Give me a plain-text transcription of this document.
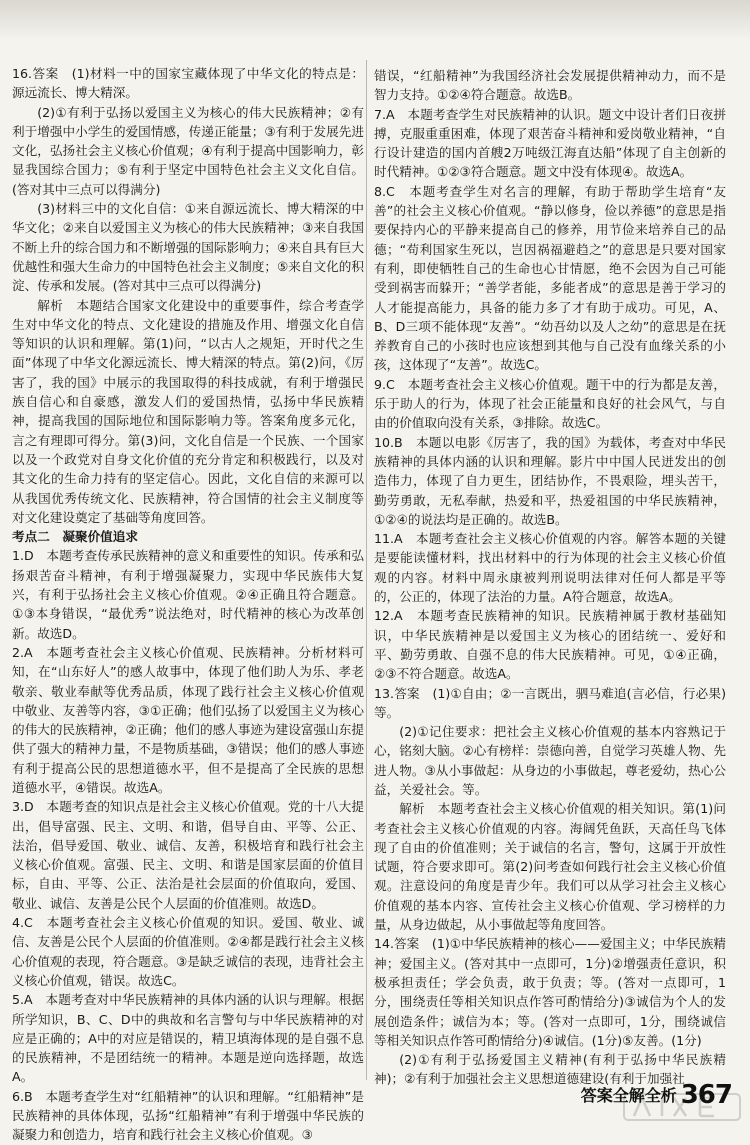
16.答案　(1)材料一中的国家宝藏体现了中华文化的特点是：源远流长、博大精深。

(2)①有利于弘扬以爱国主义为核心的伟大民族精神；②有利于增强中小学生的爱国情感，传递正能量；③有利于发展先进文化，弘扬社会主义核心价值观；④有利于提高中国影响力，彰显我国综合国力；⑤有利于坚定中国特色社会主义文化自信。(答对其中三点可以得满分)

(3)材料三中的文化自信：①来自源远流长、博大精深的中华文化；②来自以爱国主义为核心的伟大民族精神；③来自我国不断上升的综合国力和不断增强的国际影响力；④来自具有巨大优越性和强大生命力的中国特色社会主义制度；⑤来自文化的积淀、传承和发展。(答对其中三点可以得满分)

解析　本题结合国家文化建设中的重要事件，综合考查学生对中华文化的特点、文化建设的措施及作用、增强文化自信等知识的认识和理解。第(1)问，“以古人之规矩，开时代之生面”体现了中华文化源远流长、博大精深的特点。第(2)问，《厉害了，我的国》中展示的我国取得的科技成就，有利于增强民族自信心和自豪感，激发人们的爱国热情，弘扬中华民族精神，提高我国的国际地位和国际影响力等。答案角度多元化，言之有理即可得分。第(3)问，文化自信是一个民族、一个国家以及一个政党对自身文化价值的充分肯定和积极践行，以及对其文化的生命力持有的坚定信心。因此，文化自信的来源可以从我国优秀传统文化、民族精神，符合国情的社会主义制度等对文化建设奠定了基础等角度回答。

考点二　 凝聚价值追求

1.D　本题考查传承民族精神的意义和重要性的知识。传承和弘扬艰苦奋斗精神，有利于增强凝聚力，实现中华民族伟大复兴，有利于弘扬社会主义核心价值观。②④正确且符合题意。①③本身错误，“最优秀”说法绝对，时代精神的核心为改革创新。故选D。

2.A　本题考查社会主义核心价值观、民族精神。分析材料可知，在“山东好人”的感人故事中，体现了他们助人为乐、孝老敬亲、敬业奉献等优秀品质，体现了践行社会主义核心价值观中敬业、友善等内容，③①正确；他们弘扬了以爱国主义为核心的伟大的民族精神，②正确；他们的感人事迹为建设富强山东提供了强大的精神力量，不是物质基础，③错误；他们的感人事迹有利于提高公民的思想道德水平，但不是提高了全民族的思想道德水平，④错误。故选A。

3.D　本题考查的知识点是社会主义核心价值观。党的十八大提出，倡导富强、民主、文明、和谐，倡导自由、平等、公正、法治，倡导爱国、敬业、诚信、友善，积极培育和践行社会主义核心价值观。富强、民主、文明、和谐是国家层面的价值目标，自由、平等、公正、法治是社会层面的价值取向，爱国、敬业、诚信、友善是公民个人层面的价值准则。故选D。

4.C　本题考查社会主义核心价值观的知识。爱国、敬业、诚信、友善是公民个人层面的价值准则。②④都是践行社会主义核心价值观的表现，符合题意。③是缺乏诚信的表现，违背社会主义核心价值观，错误。故选C。

5.A　本题考查对中华民族精神的具体内涵的认识与理解。根据所学知识，B、C、D中的典故和名言警句与中华民族精神的对应是正确的；A中的对应是错误的，精卫填海体现的是自强不息的民族精神，不是团结统一的精神。本题是逆向选择题，故选A。

6.B　本题考查学生对“红船精神”的认识和理解。“红船精神”是民族精神的具体体现，弘扬“红船精神”有利于增强中华民族的凝聚力和创造力，培育和践行社会主义核心价值观。③

错误，“红船精神”为我国经济社会发展提供精神动力，而不是智力支持。①②④符合题意。故选B。

7.A　本题考查学生对民族精神的认识。题文中设计者们日夜拼搏，克服重重困难，体现了艰苦奋斗精神和爱岗敬业精神，“自行设计建造的国内首艘2万吨级江海直达船”体现了自主创新的时代精神。①②③符合题意。题文中没有体现④。故选A。

8.C　本题考查学生对名言的理解，有助于帮助学生培育“友善”的社会主义核心价值观。“静以修身，俭以养德”的意思是指要保持内心的平静来提高自己的修养，用节俭来培养自己的品德；“苟利国家生死以，岂因祸福避趋之”的意思是只要对国家有利，即使牺牲自己的生命也心甘情愿，绝不会因为自己可能受到祸害而躲开；“善学者能，多能者成”的意思是善于学习的人才能提高能力，具备的能力多了才有助于成功。可见，A、B、D三项不能体现“友善”。“幼吾幼以及人之幼”的意思是在抚养教育自己的小孩时也应该想到其他与自己没有血缘关系的小孩，这体现了“友善”。故选C。

9.C　本题考查社会主义核心价值观。题干中的行为都是友善，乐于助人的行为，体现了社会正能量和良好的社会风气，与自由的价值取向没有关系，③排除。故选C。

10.B　本题以电影《厉害了，我的国》为载体，考查对中华民族精神的具体内涵的认识和理解。影片中中国人民迸发出的创造伟力，体现了自力更生，团结协作，不畏艰险，埋头苦干，勤劳勇敢，无私奉献，热爱和平，热爱祖国的中华民族精神，①②④的说法均是正确的。故选B。

11.A　本题考查社会主义核心价值观的内容。解答本题的关键是要能读懂材料，找出材料中的行为体现的社会主义核心价值观的内容。材料中周永康被判刑说明法律对任何人都是平等的，公正的，体现了法治的力量。A符合题意，故选A。

12.A　本题考查民族精神的知识。民族精神属于教材基础知识，中华民族精神是以爱国主义为核心的团结统一、爱好和平、勤劳勇敢、自强不息的伟大民族精神。可见，①④正确，②③不符合题意。故选A。

13.答案　(1)①自由；②一言既出，驷马难追(言必信，行必果)等。

(2)①记住要求：把社会主义核心价值观的基本内容熟记于心，铭刻大脑。②心有榜样：崇德向善，自觉学习英雄人物、先进人物。③从小事做起：从身边的小事做起，尊老爱幼，热心公益，关爱社会。等。

解析　本题考查社会主义核心价值观的相关知识。第(1)问考查社会主义核心价值观的内容。海阔凭鱼跃，天高任鸟飞体现了自由的价值准则；关于诚信的名言，警句，这属于开放性试题，符合要求即可。第(2)问考查如何践行社会主义核心价值观。注意设问的角度是青少年。我们可以从学习社会主义核心价值观的基本内容、宣传社会主义核心价值观、学习榜样的力量，从身边做起，从小事做起等角度回答。

14.答案　(1)①中华民族精神的核心——爱国主义；中华民族精神；爱国主义。(答对其中一点即可，1分)②增强责任意识，积极承担责任；学会负责，敢于负责；等。(答对一点即可，1分，围绕责任等相关知识点作答可酌情给分)③诚信为个人的发展创造条件；诚信为本；等。(答对一点即可，1分，围绕诚信等相关知识点作答可酌情给分)④诚信。(1分)⑤友善。(1分)

(2)①有利于弘扬爱国主义精神(有利于弘扬中华民族精神)；②有利于加强社会主义思想道德建设(有利于加强社

答案全解全析 367
